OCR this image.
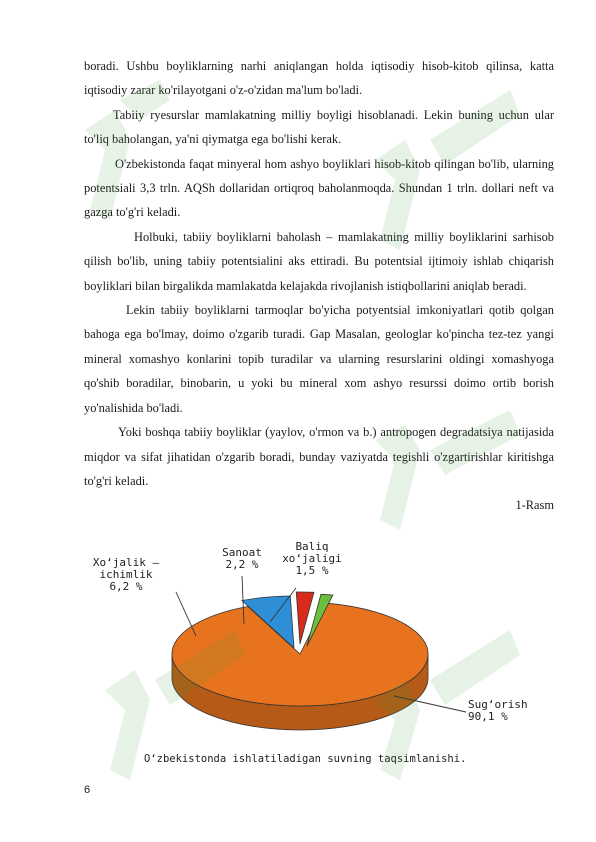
boradi. Ushbu boyliklarning narhi aniqlangan holda iqtisodiy hisob-kitob qilinsa, katta iqtisodiy zarar ko'rilayotgani o'z-o'zidan ma'lum bo'ladi.

Tabiiy ryesurslar mamlakatning milliy boyligi hisoblanadi. Lekin buning uchun ular to'liq baholangan, ya'ni qiymatga ega bo'lishi kerak.

O'zbekistonda faqat minyeral hom ashyo boyliklari hisob-kitob qilingan bo'lib, ularning potentsiali 3,3 trln. AQSh dollaridan ortiqroq baholanmoqda. Shundan 1 trln. dollari neft va gazga to'g'ri keladi.

Holbuki, tabiiy boyliklarni baholash – mamlakatning milliy boyliklarini sarhisob qilish bo'lib, uning tabiiy potentsialini aks ettiradi. Bu potentsial ijtimoiy ishlab chiqarish boyliklari bilan birgalikda mamlakatda kelajakda rivojlanish istiqbollarini aniqlab beradi.

Lekin tabiiy boyliklarni tarmoqlar bo'yicha potyentsial imkoniyatlari qotib qolgan bahoga ega bo'lmay, doimo o'zgarib turadi. Gap Masalan, geologlar ko'pincha tez-tez yangi mineral xomashyo konlarini topib turadilar va ularning resurslarini oldingi xomashyoga qo'shib boradilar, binobarin, u yoki bu mineral xom ashyo resurssi doimo ortib borish yo'nalishida bo'ladi.

Yoki boshqa tabiiy boyliklar (yaylov, o'rmon va b.) antropogen degradatsiya natijasida miqdor va sifat jihatidan o'zgarib boradi, bunday vaziyatda tegishli o'zgartirishlar kiritishga to'g'ri keladi.

1-Rasm

Sug‘orish
90,1 %
Xo‘jalik —
ichimlik
6,2 %
Sanoat
2,2 %
Baliq
xo‘jaligi
1,5 %
O‘zbekistonda ishlatiladigan suvning taqsimlanishi.
6
